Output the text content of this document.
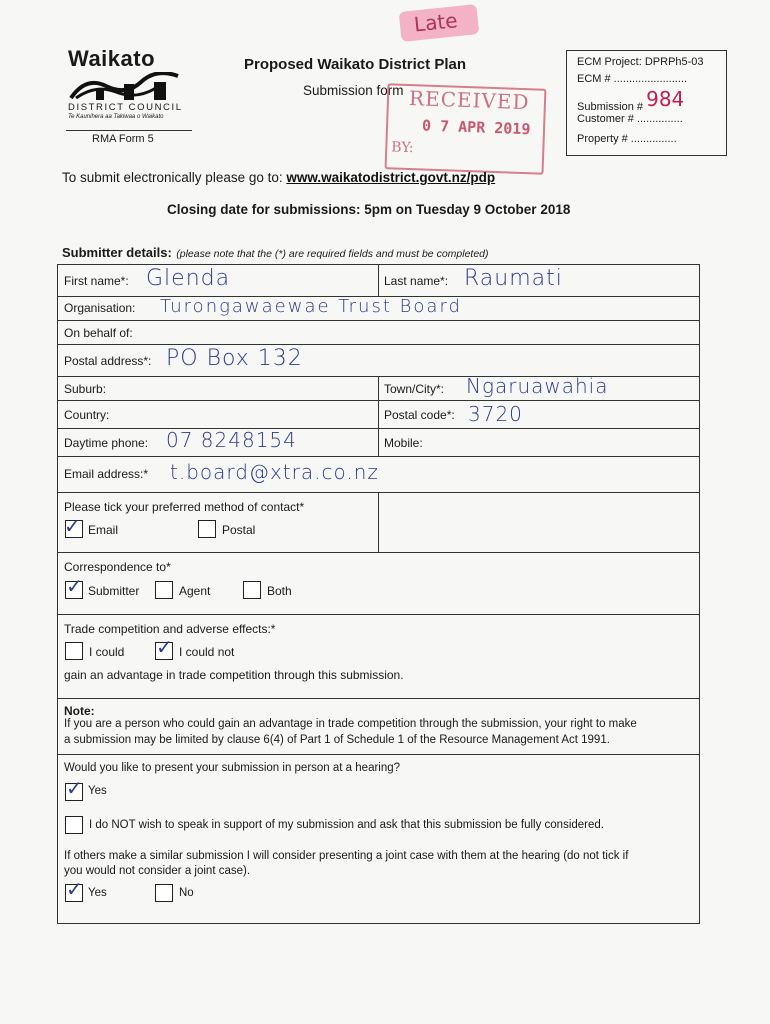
Late
Waikato
DISTRICT COUNCIL
Te Kaunihera aa Takiwaa o Waikato
RMA Form 5
Proposed Waikato District Plan
Submission form RECEIVED
0 7 APR 2019
BY:
ECM Project: DPRPh5-03
ECM # ........................
Submission # 984
Customer # ...............
Property # ...............
To submit electronically please go to: www.waikatodistrict.govt.nz/pdp
Closing date for submissions: 5pm on Tuesday 9 October 2018
Submitter details: (please note that the (*) are required fields and must be completed)
First name*: Glenda	Last name*: Raumati
Organisation: Turongawaewae Trust Board
On behalf of:
Postal address*: PO Box 132
Suburb:	Town/City*: Ngaruawahia
Country:	Postal code*: 3720
Daytime phone: 07 8248154	Mobile:
Email address:* t.board@xtra.co.nz
Please tick your preferred method of contact*
✓ Email	Postal
Correspondence to*
✓ Submitter	Agent	Both
Trade competition and adverse effects:*
I could ✓ I could not
gain an advantage in trade competition through this submission.
Note:
If you are a person who could gain an advantage in trade competition through the submission, your right to make
a submission may be limited by clause 6(4) of Part 1 of Schedule 1 of the Resource Management Act 1991.
Would you like to present your submission in person at a hearing?
✓ Yes
I do NOT wish to speak in support of my submission and ask that this submission be fully considered.
If others make a similar submission I will consider presenting a joint case with them at the hearing (do not tick if
you would not consider a joint case).
✓ Yes	No
